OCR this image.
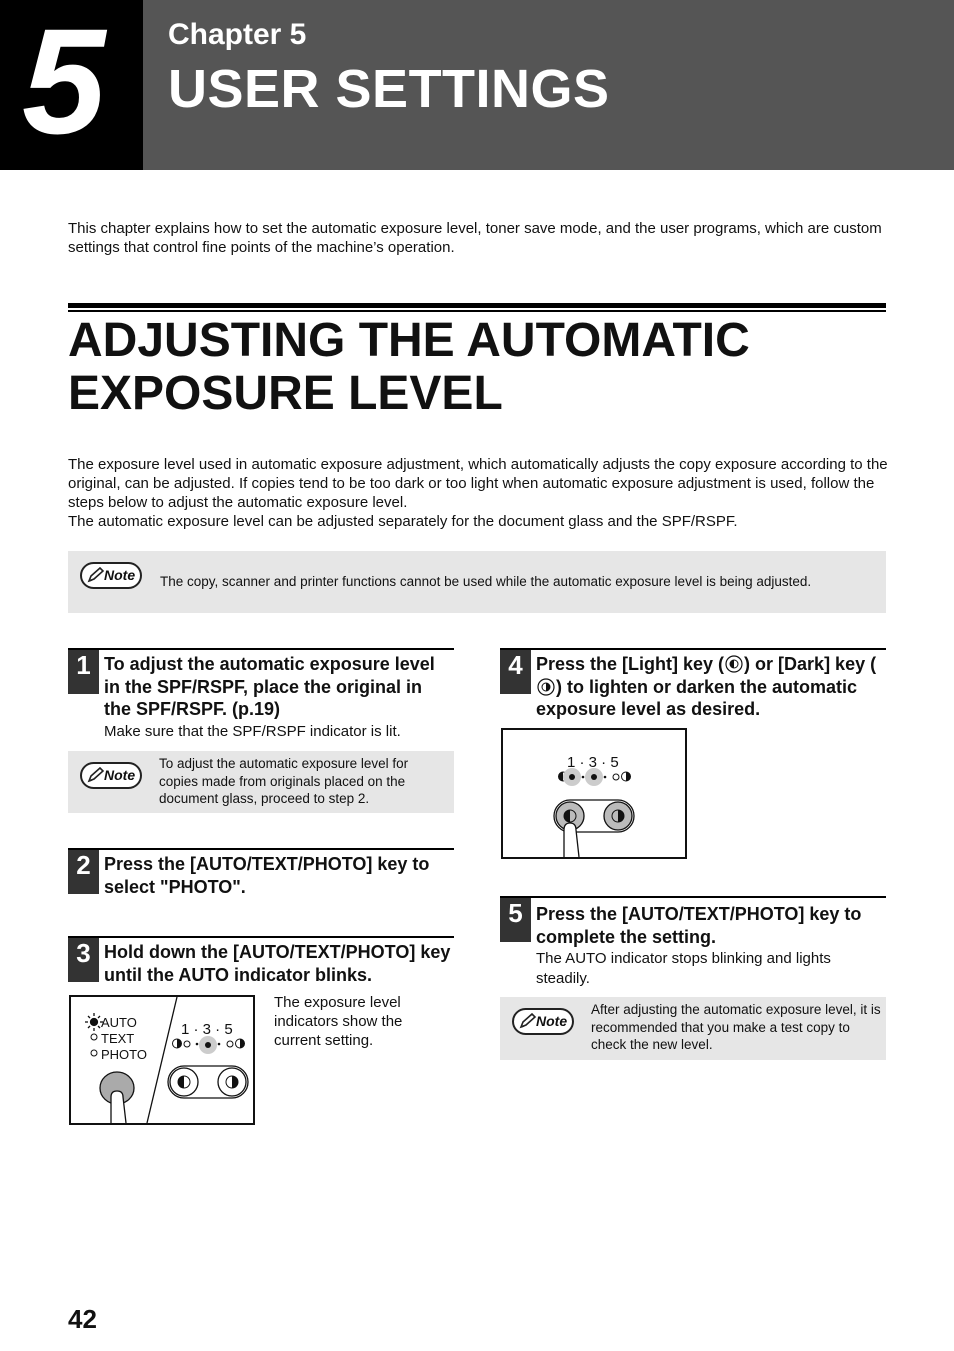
5 Chapter 5
USER SETTINGS
This chapter explains how to set the automatic exposure level, toner save mode, and the user programs, which are custom settings that control fine points of the machine’s operation.
ADJUSTING THE AUTOMATIC
EXPOSURE LEVEL

The exposure level used in automatic exposure adjustment, which automatically adjusts the copy exposure according to the original, can be adjusted. If copies tend to be too dark or too light when automatic exposure adjustment is used, follow the steps below to adjust the automatic exposure level.

The automatic exposure level can be adjusted separately for the document glass and the SPF/RSPF.

Note	The copy, scanner and printer functions cannot be used while the automatic exposure level is being adjusted.
1 To adjust the automatic exposure level in the SPF/RSPF, place the original in the SPF/RSPF. (p.19)
Make sure that the SPF/RSPF indicator is lit.
Note
To adjust the automatic exposure level for copies made from originals placed on the document glass, proceed to step 2.
2 Press the [AUTO/TEXT/PHOTO] key to select "PHOTO".
3 Hold down the [AUTO/TEXT/PHOTO] key until the AUTO indicator blinks.
AUTO
TEXT
PHOTO
1 · 3 · 5
The exposure level indicators show the current setting.
4 Press the [Light] key ( ) or [Dark] key () to lighten or darken the automatic exposure level as desired.
1 · 3 · 5
5 Press the [AUTO/TEXT/PHOTO] key to complete the setting.
The AUTO indicator stops blinking and lights steadily.
Note
After adjusting the automatic exposure level, it is recommended that you make a test copy to check the new level.
42
